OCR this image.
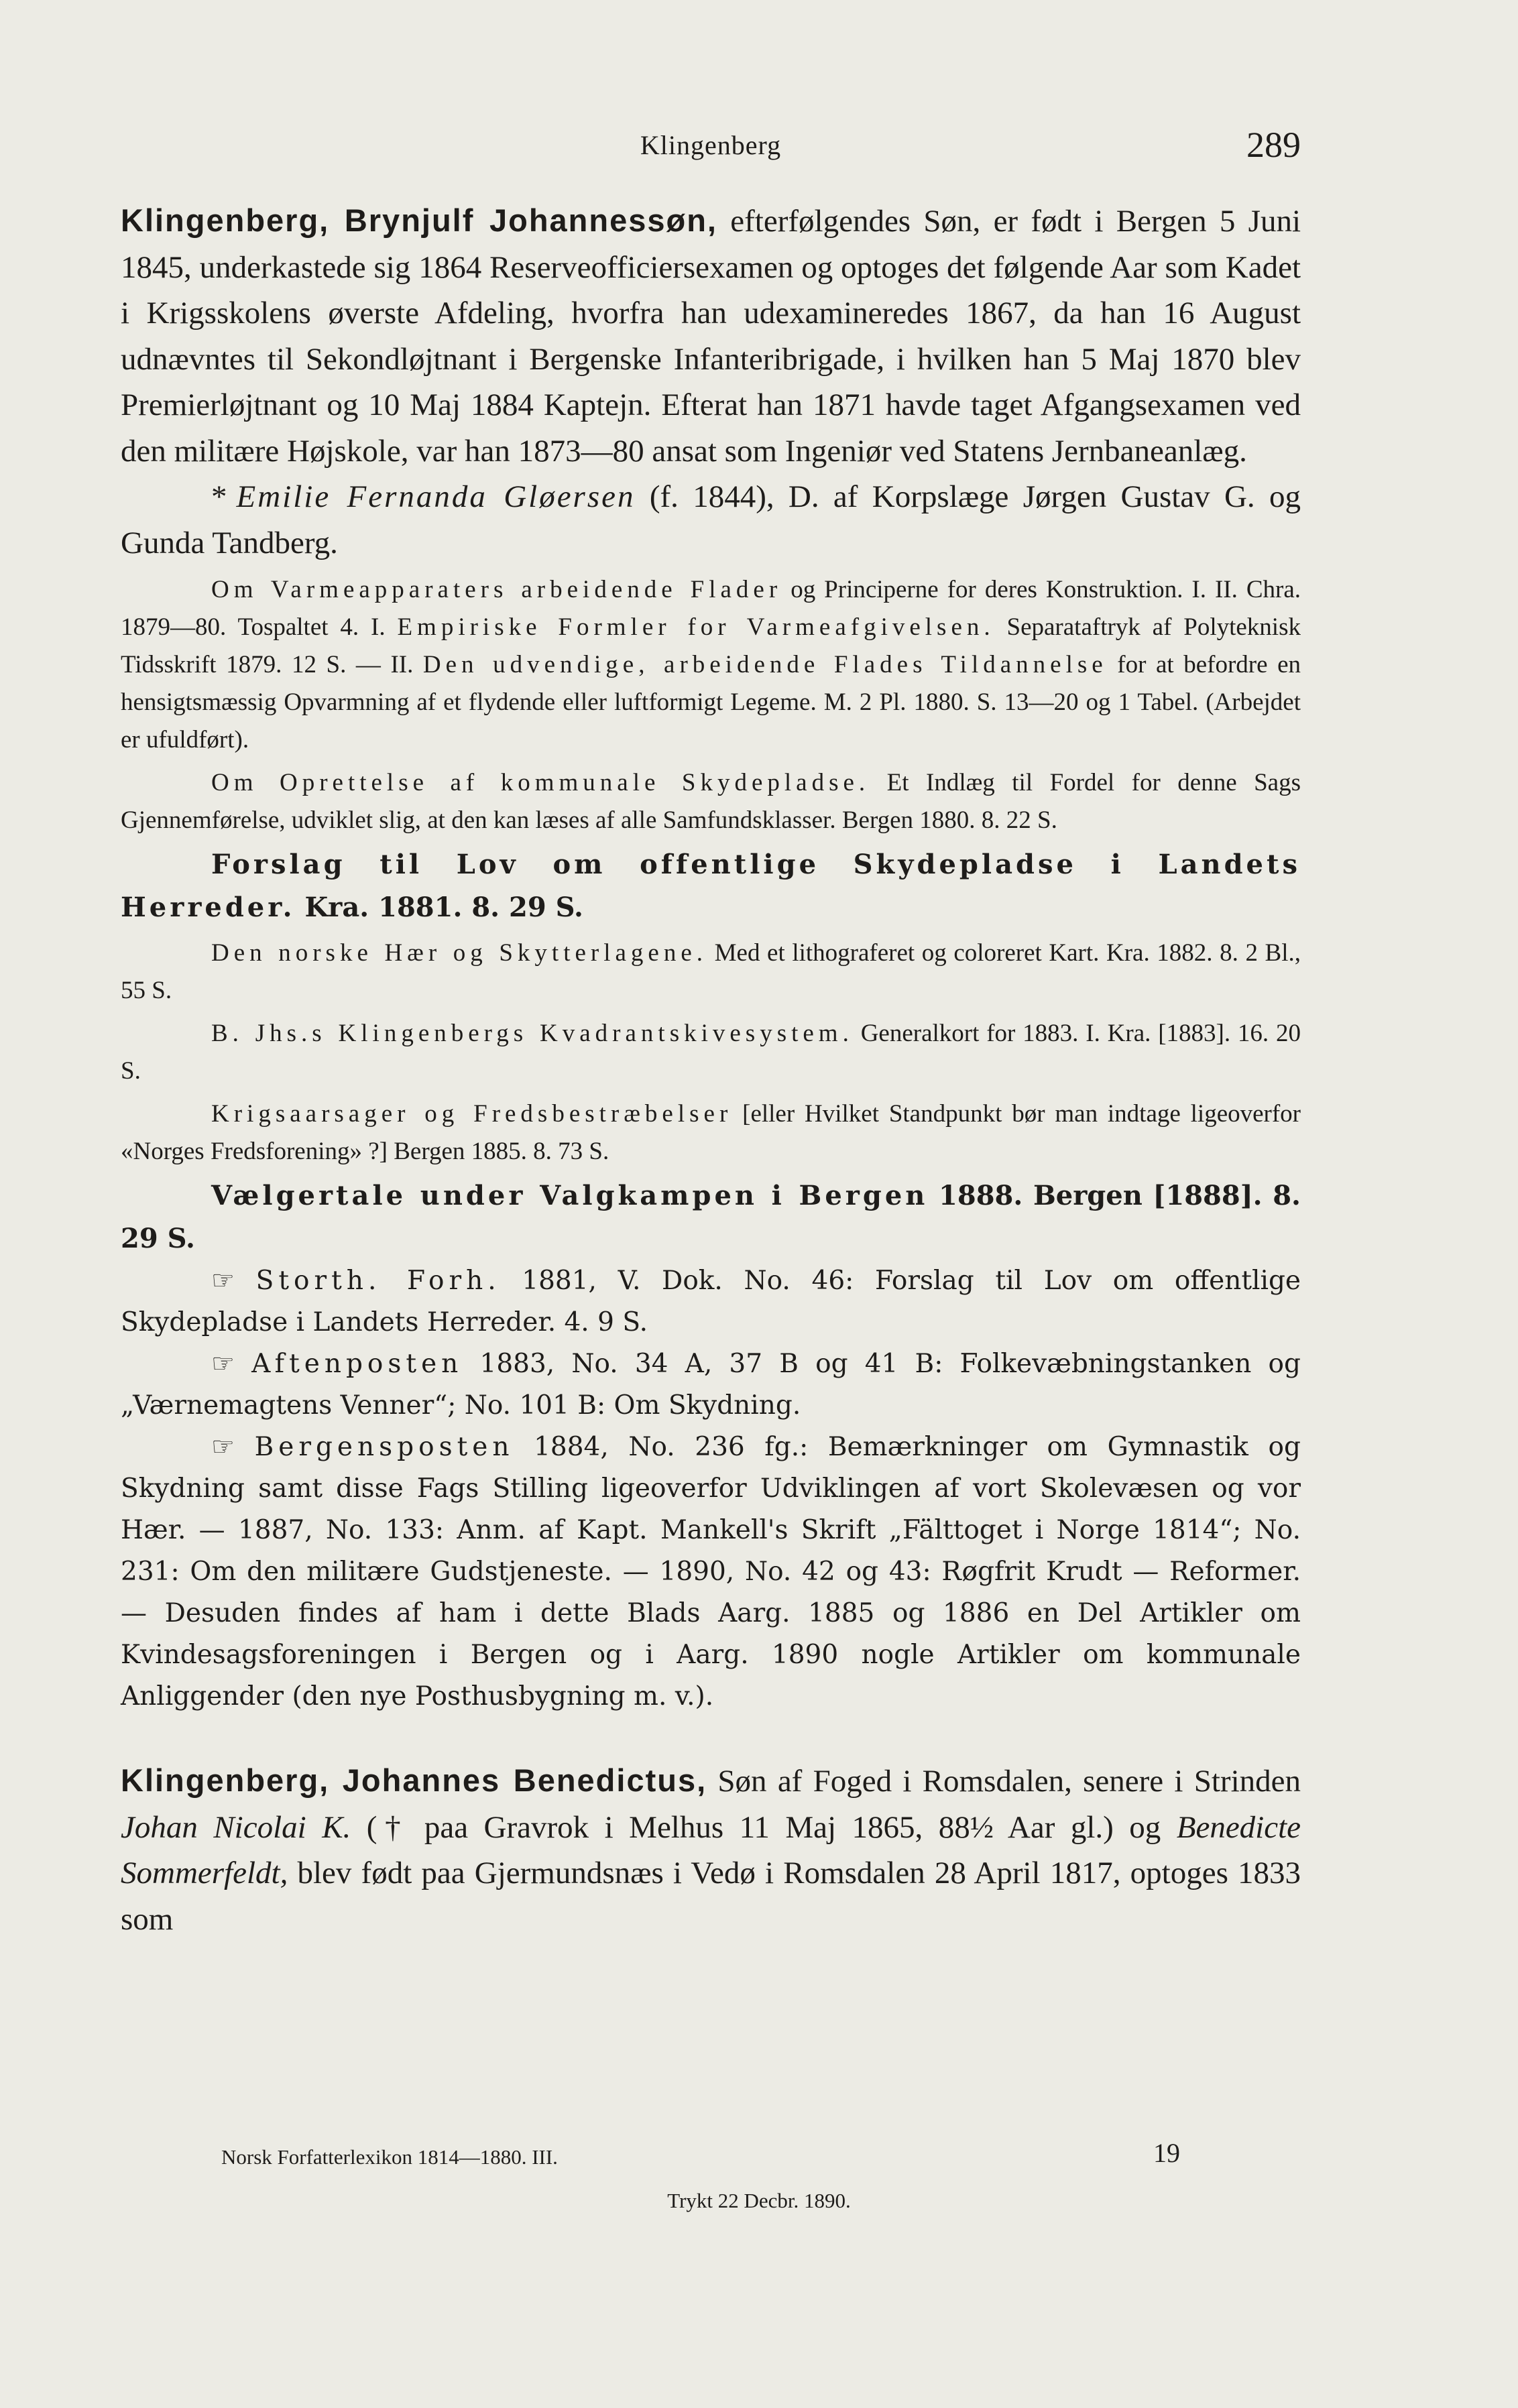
Klingenberg	289

Klingenberg, Brynjulf Johannessøn, efterfølgendes Søn, er født i Bergen 5 Juni 1845, underkastede sig 1864 Reserveofficiersexamen og optoges det følgende Aar som Kadet i Krigsskolens øverste Afdeling, hvorfra han udexamineredes 1867, da han 16 August udnævntes til Sekondløjtnant i Bergenske Infanteribrigade, i hvilken han 5 Maj 1870 blev Premierløjtnant og 10 Maj 1884 Kaptejn. Efterat han 1871 havde taget Afgangsexamen ved den militære Højskole, var han 1873—80 ansat som Ingeniør ved Statens Jernbaneanlæg.

* Emilie Fernanda Gløersen (f. 1844), D. af Korpslæge Jørgen Gustav G. og Gunda Tandberg.

Om Varmeapparaters arbeidende Flader og Principerne for deres Konstruktion. I. II. Chra. 1879—80. Tospaltet 4. I. Empiriske Formler for Varmeafgivelsen. Separataftryk af Polyteknisk Tidsskrift 1879. 12 S. — II. Den udvendige, arbeidende Flades Tildannelse for at befordre en hensigtsmæssig Opvarmning af et flydende eller luftformigt Legeme. M. 2 Pl. 1880. S. 13—20 og 1 Tabel. (Arbejdet er ufuldført).

Om Oprettelse af kommunale Skydepladse. Et Indlæg til Fordel for denne Sags Gjennemførelse, udviklet slig, at den kan læses af alle Samfundsklasser. Bergen 1880. 8. 22 S.

Forslag til Lov om offentlige Skydepladse i Landets Herreder. Kra. 1881. 8. 29 S.

Den norske Hær og Skytterlagene. Med et lithograferet og coloreret Kart. Kra. 1882. 8. 2 Bl., 55 S.

B. Jhs.s Klingenbergs Kvadrantskivesystem. Generalkort for 1883. I. Kra. [1883]. 16. 20 S.

Krigsaarsager og Fredsbestræbelser [eller Hvilket Standpunkt bør man indtage ligeoverfor «Norges Fredsforening» ?] Bergen 1885. 8. 73 S.

Vælgertale under Valgkampen i Bergen 1888. Bergen [1888]. 8. 29 S.

☞ Storth. Forh. 1881, V. Dok. No. 46: Forslag til Lov om offentlige Skydepladse i Landets Herreder. 4. 9 S.

☞ Aftenposten 1883, No. 34 A, 37 B og 41 B: Folkevæbningstanken og „Værnemagtens Venner“; No. 101 B: Om Skydning.

☞ Bergensposten 1884, No. 236 fg.: Bemærkninger om Gymnastik og Skydning samt disse Fags Stilling ligeoverfor Udviklingen af vort Skolevæsen og vor Hær. — 1887, No. 133: Anm. af Kapt. Mankell's Skrift „Fälttoget i Norge 1814“; No. 231: Om den militære Gudstjeneste. — 1890, No. 42 og 43: Røgfrit Krudt — Reformer. — Desuden findes af ham i dette Blads Aarg. 1885 og 1886 en Del Artikler om Kvindesagsforeningen i Bergen og i Aarg. 1890 nogle Artikler om kommunale Anliggender (den nye Posthusbygning m. v.).

Klingenberg, Johannes Benedictus, Søn af Foged i Romsdalen, senere i Strinden Johan Nicolai K. († paa Gravrok i Melhus 11 Maj 1865, 88½ Aar gl.) og Benedicte Sommerfeldt, blev født paa Gjermundsnæs i Vedø i Romsdalen 28 April 1817, optoges 1833 som

Norsk Forfatterlexikon 1814—1880. III.	19
Trykt 22 Decbr. 1890.
